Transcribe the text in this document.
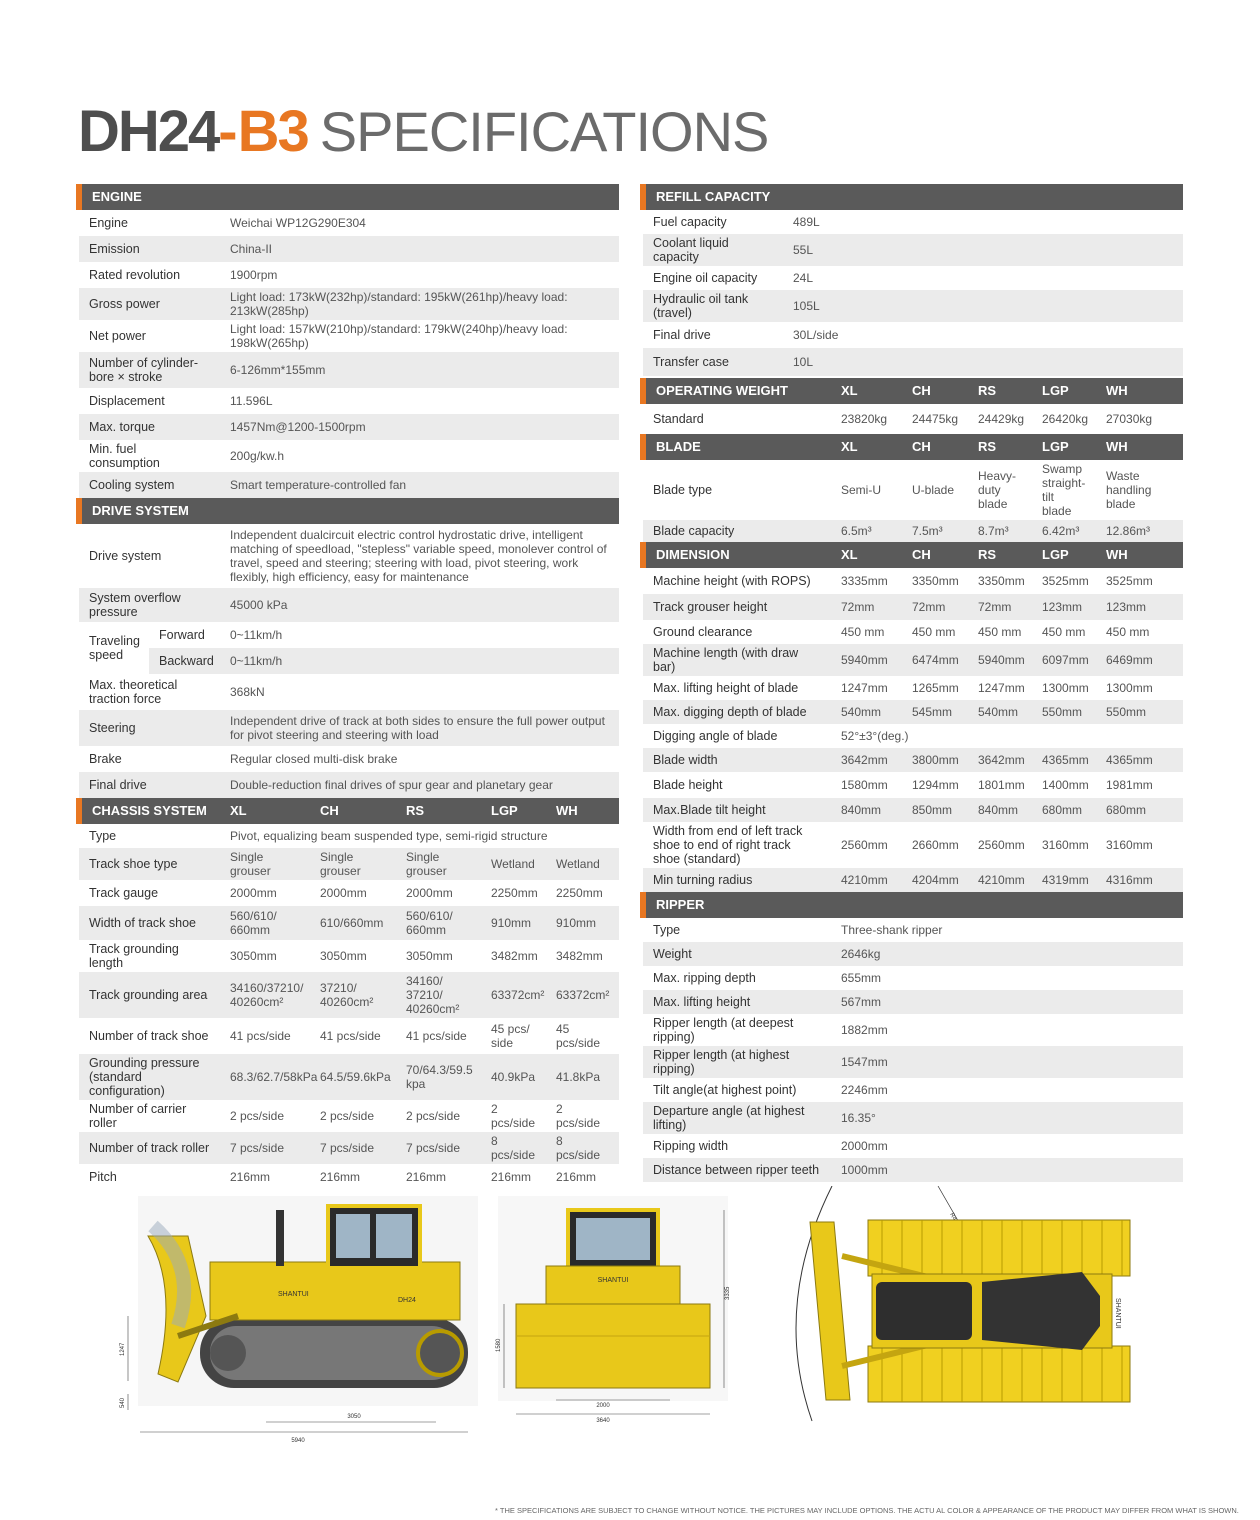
DH24 - B3 SPECIFICATIONS
ENGINE	
Engine	Weichai WP12G290E304
Emission	China-II
Rated revolution	1900rpm
Gross power	Light load: 173kW(232hp)/standard: 195kW(261hp)/heavy load: 213kW(285hp)
Net power	Light load: 157kW(210hp)/standard: 179kW(240hp)/heavy load: 198kW(265hp)
Number of cylinder-bore × stroke	6-126mm*155mm
Displacement	11.596L
Max. torque	1457Nm@1200-1500rpm
Min. fuel consumption	200g/kw.h
Cooling system	Smart temperature-controlled fan
DRIVE SYSTEM		
Drive system		Independent dualcircuit electric control hydrostatic drive, intelligent matching of speedload, "stepless" variable speed, monolever control of travel, speed and steering; steering with load, pivot steering, work flexibly, high efficiency, easy for maintenance
System overflow pressure		45000 kPa
Traveling speed	Forward	0~11km/h
	Backward	0~11km/h
Max. theoretical traction force		368kN
Steering		Independent drive of track at both sides to ensure the full power output for pivot steering and steering with load
Brake		Regular closed multi-disk brake
Final drive		Double-reduction final drives of spur gear and planetary gear
CHASSIS SYSTEM	XL	CH	RS	LGP	WH
Type	Pivot, equalizing beam suspended type, semi-rigid structure				
Track shoe type	Single grouser	Single grouser	Single grouser	Wetland	Wetland
Track gauge	2000mm	2000mm	2000mm	2250mm	2250mm
Width of track shoe	560/610/ 660mm	610/660mm	560/610/ 660mm	910mm	910mm
Track grounding length	3050mm	3050mm	3050mm	3482mm	3482mm
Track grounding area	34160/37210/ 40260cm²	37210/ 40260cm²	34160/ 37210/ 40260cm²	63372cm²	63372cm²
Number of track shoe	41 pcs/side	41 pcs/side	41 pcs/side	45 pcs/ side	45 pcs/side
Grounding pressure (standard configuration)	68.3/62.7/58kPa	64.5/59.6kPa	70/64.3/59.5 kpa	40.9kPa	41.8kPa
Number of carrier roller	2 pcs/side	2 pcs/side	2 pcs/side	2 pcs/side	2 pcs/side
Number of track roller	7 pcs/side	7 pcs/side	7 pcs/side	8 pcs/side	8 pcs/side
Pitch	216mm	216mm	216mm	216mm	216mm
REFILL CAPACITY	
Fuel capacity	489L
Coolant liquid capacity	55L
Engine oil capacity	24L
Hydraulic oil tank (travel)	105L
Final drive	30L/side
Transfer case	10L
OPERATING WEIGHT	XL	CH	RS	LGP	WH
Standard	23820kg	24475kg	24429kg	26420kg	27030kg
BLADE	XL	CH	RS	LGP	WH
Blade type	Semi-U	U-blade	Heavy- duty blade	Swamp straight- tilt blade	Waste handling blade
Blade capacity	6.5m³	7.5m³	8.7m³	6.42m³	12.86m³
DIMENSION	XL	CH	RS	LGP	WH
Machine height (with ROPS)	3335mm	3350mm	3350mm	3525mm	3525mm
Track grouser height	72mm	72mm	72mm	123mm	123mm
Ground clearance	450 mm	450 mm	450 mm	450 mm	450 mm
Machine length (with draw bar)	5940mm	6474mm	5940mm	6097mm	6469mm
Max. lifting height of blade	1247mm	1265mm	1247mm	1300mm	1300mm
Max. digging depth of blade	540mm	545mm	540mm	550mm	550mm
Digging angle of blade	52°±3°(deg.)				
Blade width	3642mm	3800mm	3642mm	4365mm	4365mm
Blade height	1580mm	1294mm	1801mm	1400mm	1981mm
Max.Blade tilt height	840mm	850mm	840mm	680mm	680mm
Width from end of left track shoe to end of right track shoe (standard)	2560mm	2660mm	2560mm	3160mm	3160mm
Min turning radius	4210mm	4204mm	4210mm	4319mm	4316mm
RIPPER	
Type	Three-shank ripper
Weight	2646kg
Max. ripping depth	655mm
Max. lifting height	567mm
Ripper length (at deepest ripping)	1882mm
Ripper length (at highest ripping)	1547mm
Tilt angle(at highest point)	2246mm
Departure angle (at highest lifting)	16.35°
Ripping width	2000mm
Distance between ripper teeth	1000mm
SHANTUI
DH24
5940
3050
1247
540
SHANTUI
3335
1580
2000
3640
SHANTUI
* THE SPECIFICATIONS ARE SUBJECT TO CHANGE WITHOUT NOTICE. THE PICTURES MAY INCLUDE OPTIONS. THE ACTU AL COLOR & APPEARANCE OF THE PRODUCT MAY DIFFER FROM WHAT IS SHOWN.
